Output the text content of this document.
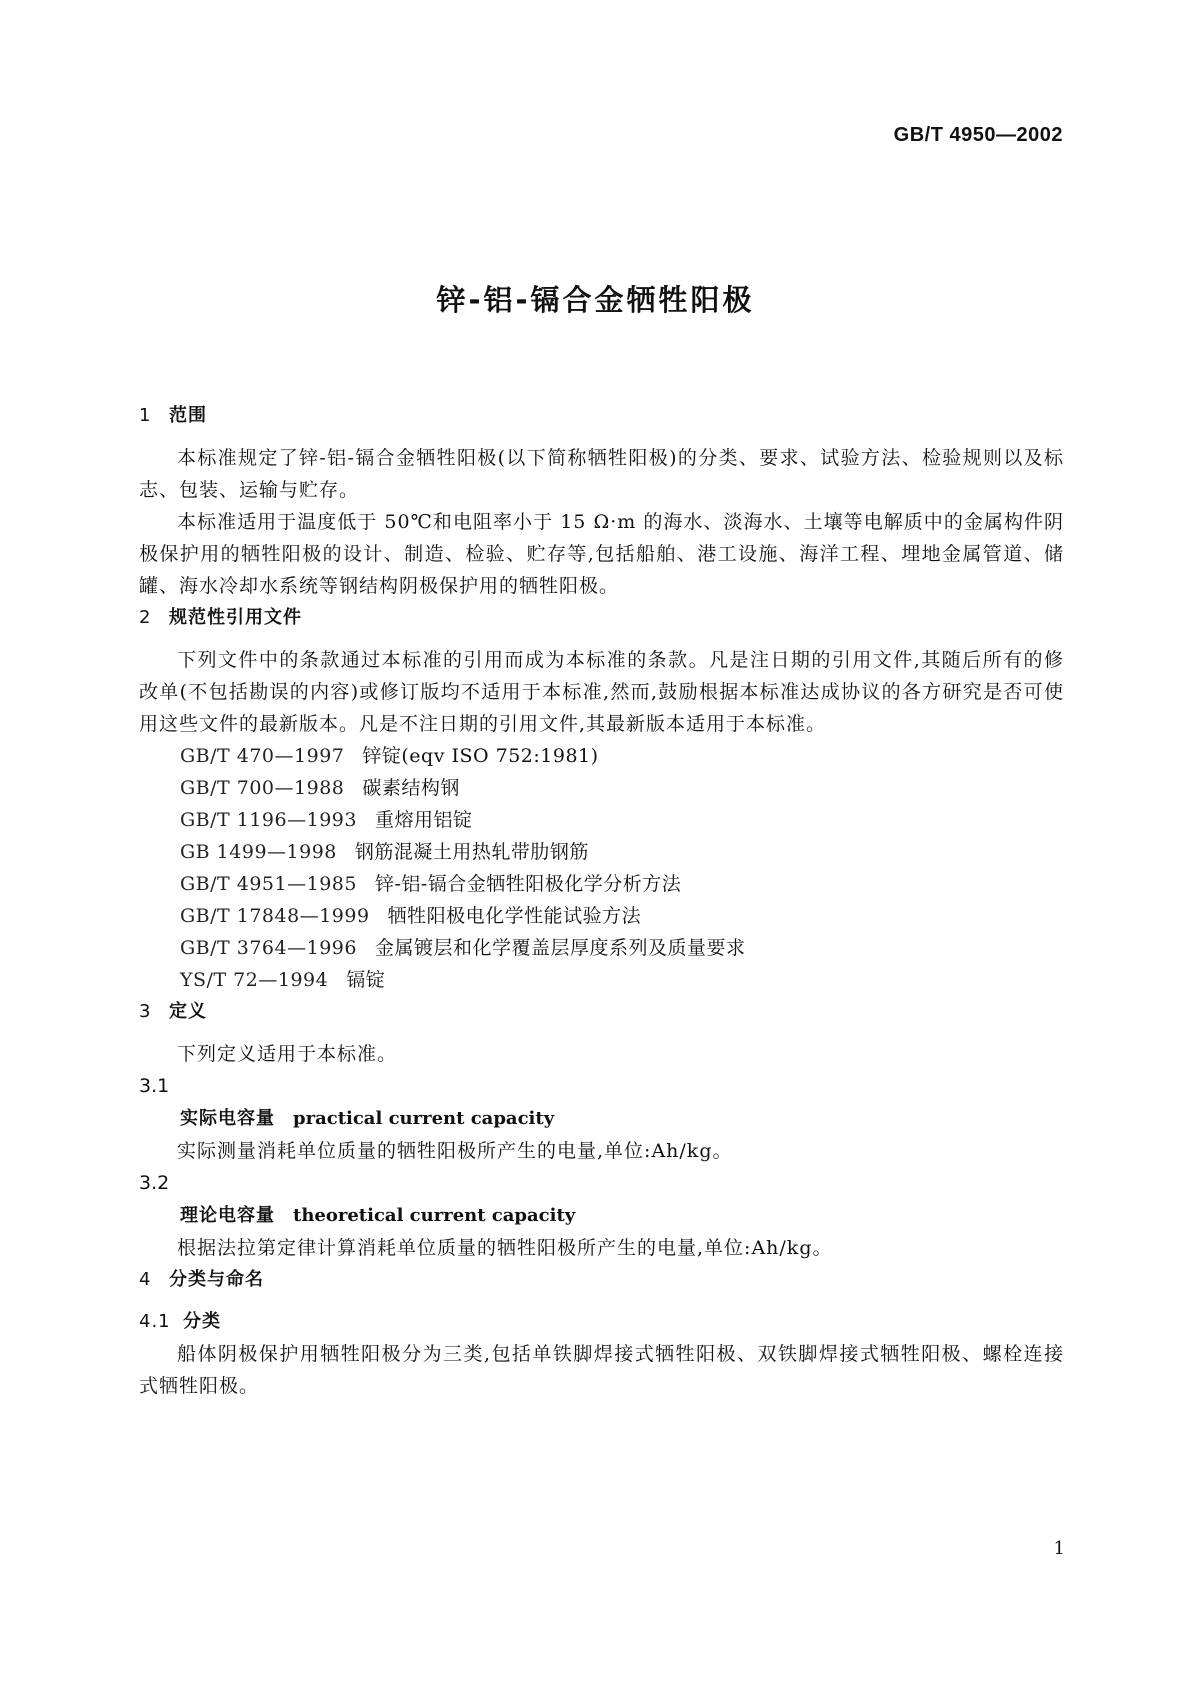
GB/T 4950—2002
锌-铝-镉合金牺牲阳极

1 范围

本标准规定了锌-铝-镉合金牺牲阳极(以下简称牺牲阳极)的分类、要求、试验方法、检验规则以及标志、包装、运输与贮存。

本标准适用于温度低于 50℃和电阻率小于 15 Ω·m 的海水、淡海水、土壤等电解质中的金属构件阴极保护用的牺牲阳极的设计、制造、检验、贮存等,包括船舶、港工设施、海洋工程、埋地金属管道、储罐、海水冷却水系统等钢结构阴极保护用的牺牲阳极。

2 规范性引用文件

下列文件中的条款通过本标准的引用而成为本标准的条款。凡是注日期的引用文件,其随后所有的修改单(不包括勘误的内容)或修订版均不适用于本标准,然而,鼓励根据本标准达成协议的各方研究是否可使用这些文件的最新版本。凡是不注日期的引用文件,其最新版本适用于本标准。

GB/T 470—1997 锌锭(eqv ISO 752:1981)
GB/T 700—1988 碳素结构钢
GB/T 1196—1993 重熔用铝锭
GB 1499—1998 钢筋混凝土用热轧带肋钢筋
GB/T 4951—1985 锌-铝-镉合金牺牲阳极化学分析方法
GB/T 17848—1999 牺牲阳极电化学性能试验方法
GB/T 3764—1996 金属镀层和化学覆盖层厚度系列及质量要求
YS/T 72—1994 镉锭

3 定义

下列定义适用于本标准。

3.1

实际电容量 practical current capacity

实际测量消耗单位质量的牺牲阳极所产生的电量,单位:Ah/kg。

3.2

理论电容量 theoretical current capacity

根据法拉第定律计算消耗单位质量的牺牲阳极所产生的电量,单位:Ah/kg。

4 分类与命名

4.1 分类

船体阴极保护用牺牲阳极分为三类,包括单铁脚焊接式牺牲阳极、双铁脚焊接式牺牲阳极、螺栓连接式牺牲阳极。

1
